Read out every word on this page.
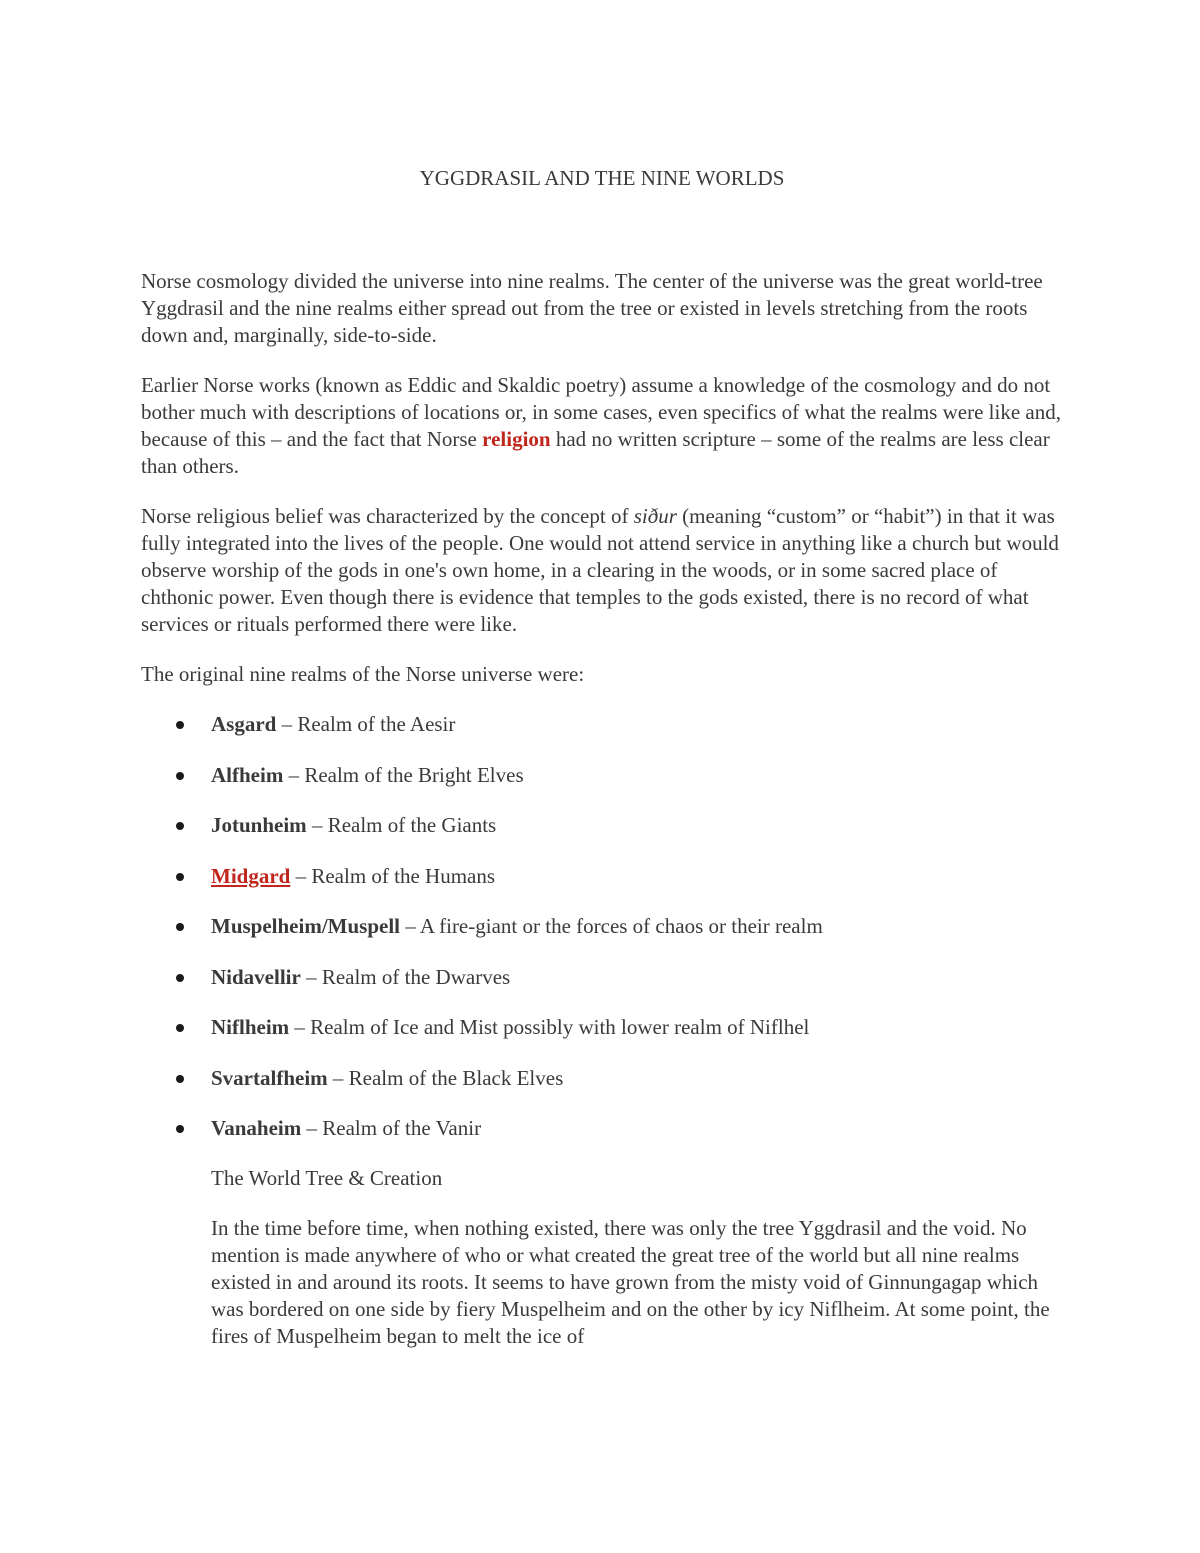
YGGDRASIL AND THE NINE WORLDS

Norse cosmology divided the universe into nine realms. The center of the universe was the great world-tree Yggdrasil and the nine realms either spread out from the tree or existed in levels stretching from the roots down and, marginally, side-to-side.

Earlier Norse works (known as Eddic and Skaldic poetry) assume a knowledge of the cosmology and do not bother much with descriptions of locations or, in some cases, even specifics of what the realms were like and, because of this – and the fact that Norse religion had no written scripture – some of the realms are less clear than others.

Norse religious belief was characterized by the concept of siður (meaning “custom” or “habit”) in that it was fully integrated into the lives of the people. One would not attend service in anything like a church but would observe worship of the gods in one's own home, in a clearing in the woods, or in some sacred place of chthonic power. Even though there is evidence that temples to the gods existed, there is no record of what services or rituals performed there were like.

The original nine realms of the Norse universe were:

Asgard – Realm of the Aesir
Alfheim – Realm of the Bright Elves
Jotunheim – Realm of the Giants
Midgard – Realm of the Humans
Muspelheim/Muspell – A fire-giant or the forces of chaos or their realm
Nidavellir – Realm of the Dwarves
Niflheim – Realm of Ice and Mist possibly with lower realm of Niflhel
Svartalfheim – Realm of the Black Elves
Vanaheim – Realm of the Vanir

The World Tree & Creation

In the time before time, when nothing existed, there was only the tree Yggdrasil and the void. No mention is made anywhere of who or what created the great tree of the world but all nine realms existed in and around its roots. It seems to have grown from the misty void of Ginnungagap which was bordered on one side by fiery Muspelheim and on the other by icy Niflheim. At some point, the fires of Muspelheim began to melt the ice of
